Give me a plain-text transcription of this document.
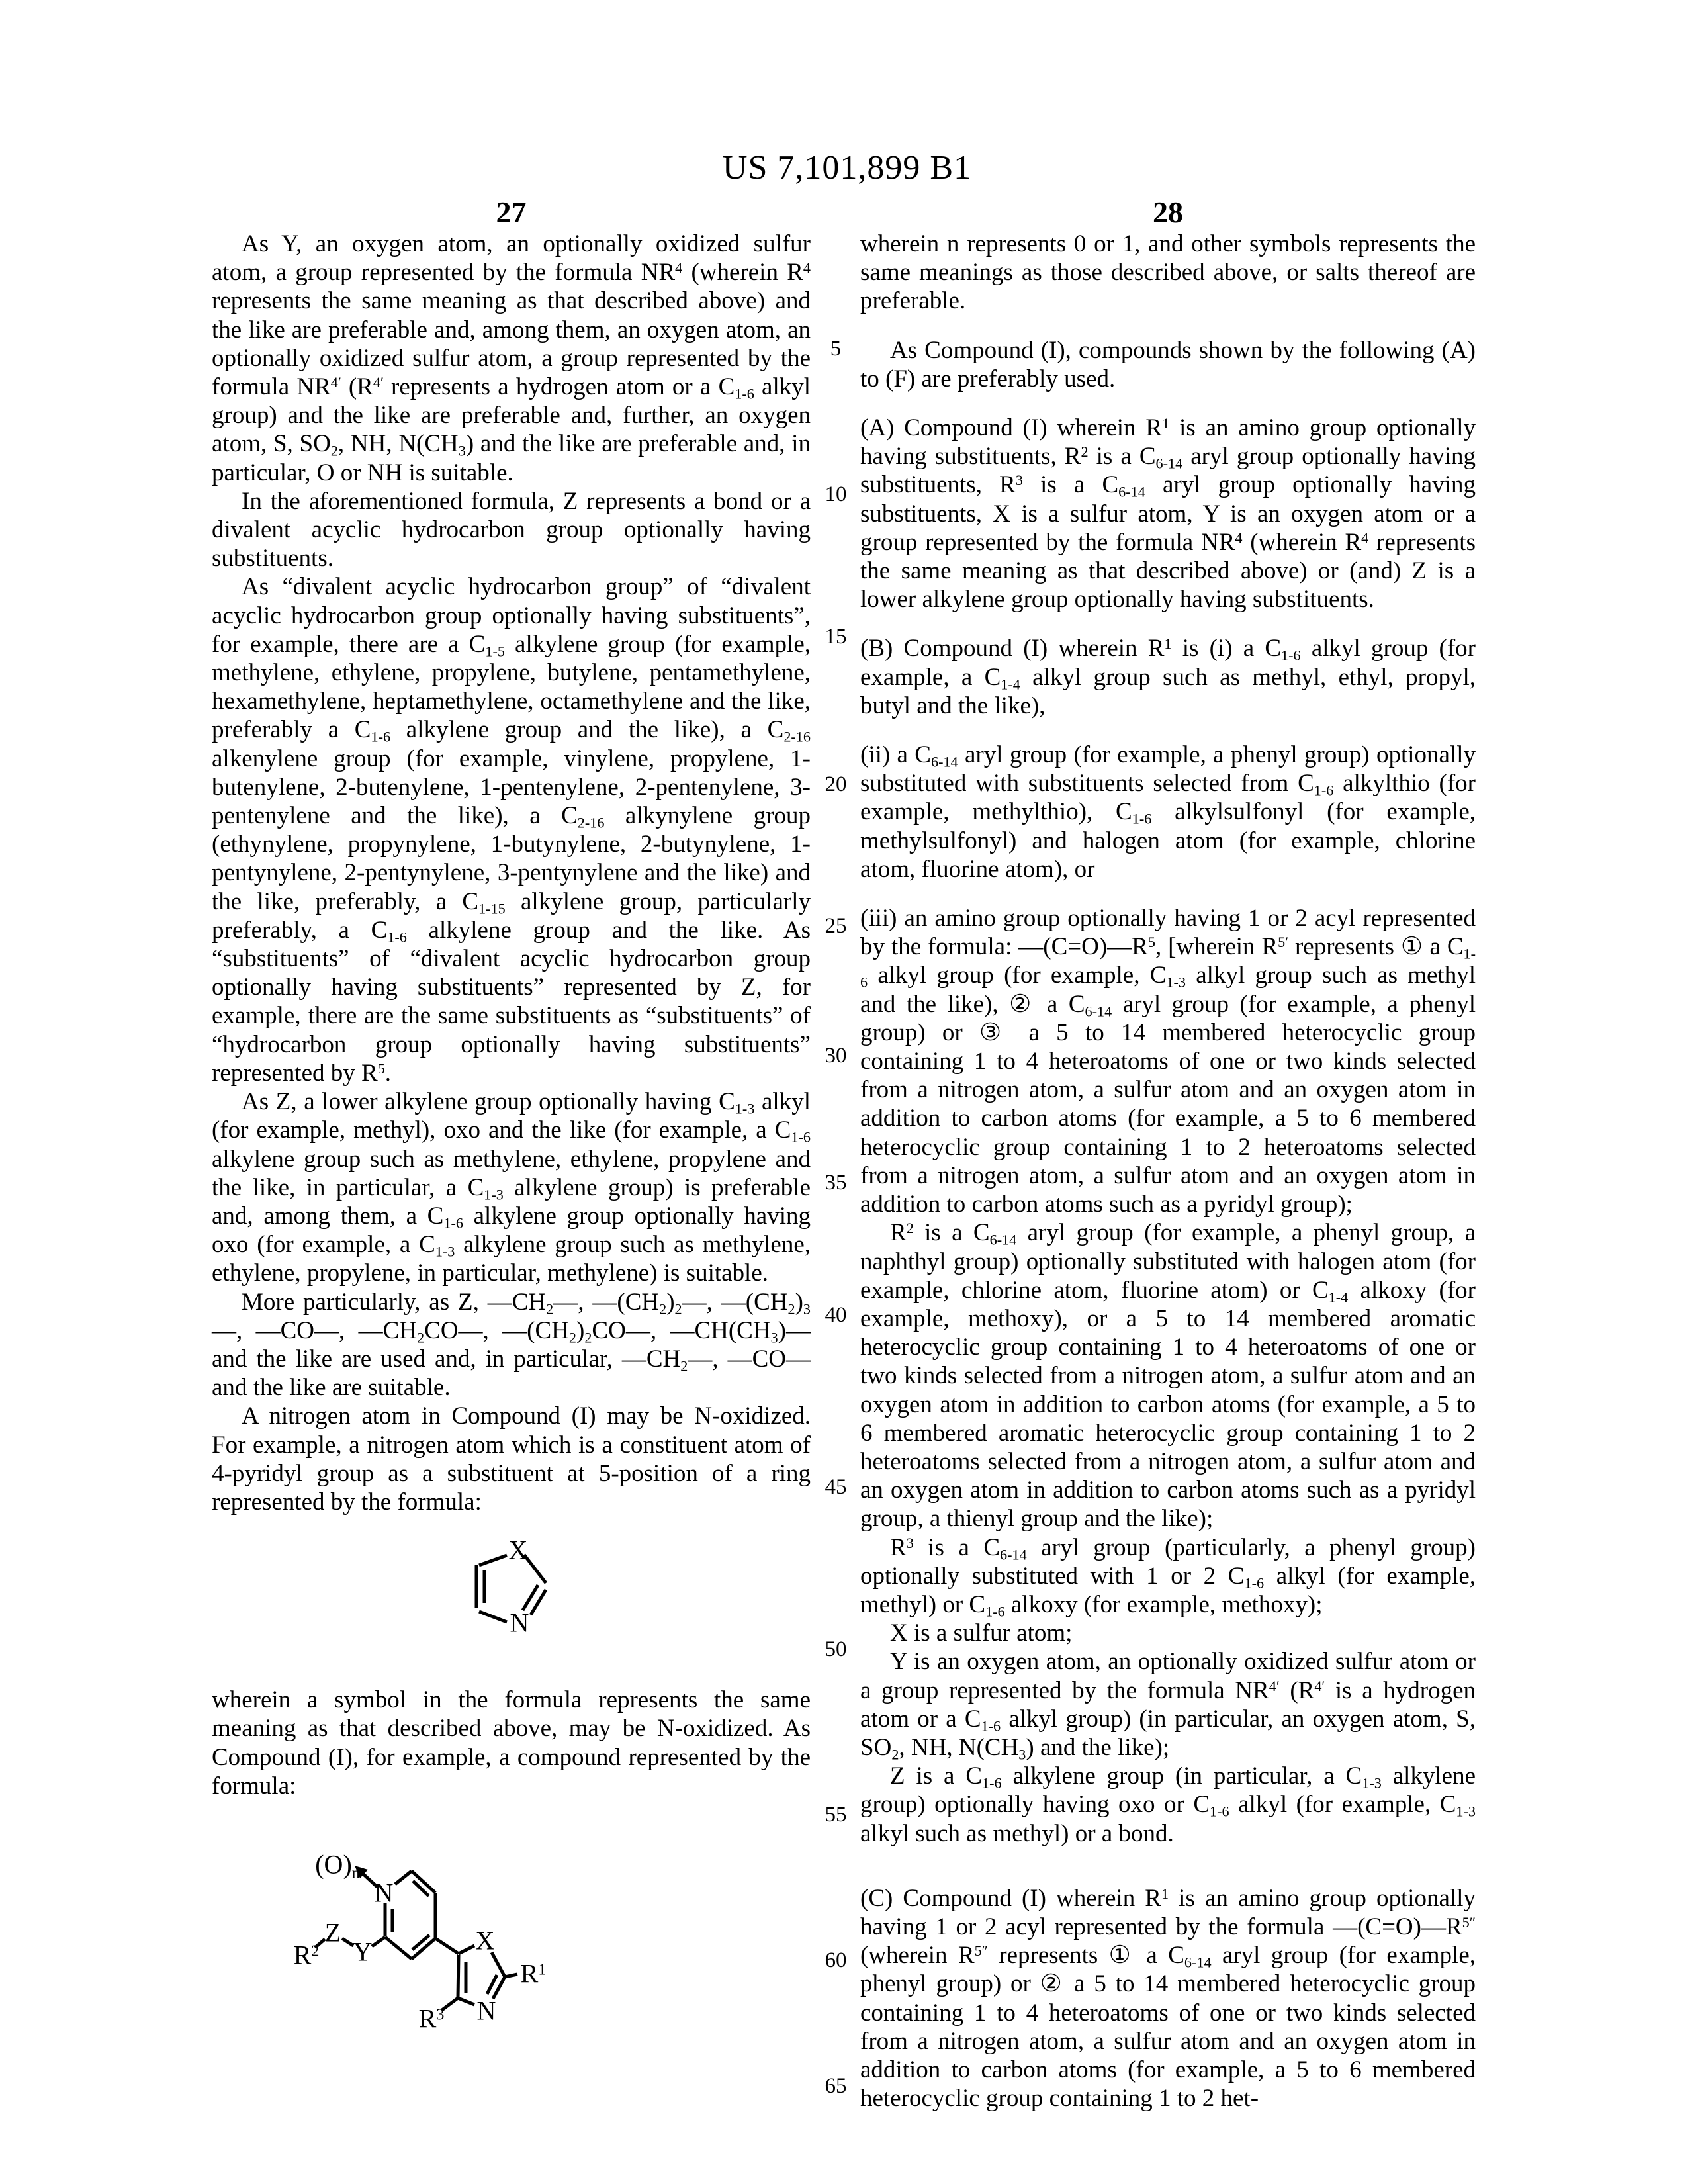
US 7,101,899 B1
27	28
5
10
15
20
25
30
35
40
45
50
55
60
65

As Y, an oxygen atom, an optionally oxidized sulfur atom, a group represented by the formula $NR^4$ (wherein $R^4$ represents the same meaning as that described above) and the like are preferable and, among them, an oxygen atom, an optionally oxidized sulfur atom, a group represented by the formula $NR^{4'}$ ($R^{4'}$ represents a hydrogen atom or a $C_{1-6}$ alkyl group) and the like are preferable and, further, an oxygen atom, S, $SO_2$, NH, $N(CH_3)$ and the like are preferable and, in particular, O or NH is suitable.

In the aforementioned formula, Z represents a bond or a divalent acyclic hydrocarbon group optionally having substituents.

As “divalent acyclic hydrocarbon group” of “divalent acyclic hydrocarbon group optionally having substituents”, for example, there are a $C_{1-5}$ alkylene group (for example, methylene, ethylene, propylene, butylene, pentamethylene, hexamethylene, heptamethylene, octamethylene and the like, preferably a $C_{1-6}$ alkylene group and the like), a $C_{2-16}$ alkenylene group (for example, vinylene, propylene, 1-butenylene, 2-butenylene, 1-pentenylene, 2-pentenylene, 3-pentenylene and the like), a $C_{2-16}$ alkynylene group (ethynylene, propynylene, 1-butynylene, 2-butynylene, 1-pentynylene, 2-pentynylene, 3-pentynylene and the like) and the like, preferably, a $C_{1-15}$ alkylene group, particularly preferably, a $C_{1-6}$ alkylene group and the like. As “substituents” of “divalent acyclic hydrocarbon group optionally having substituents” represented by Z, for example, there are the same substituents as “substituents” of “hydrocarbon group optionally having substituents” represented by $R^5$.

As Z, a lower alkylene group optionally having $C_{1-3}$ alkyl (for example, methyl), oxo and the like (for example, a $C_{1-6}$ alkylene group such as methylene, ethylene, propylene and the like, in particular, a $C_{1-3}$ alkylene group) is preferable and, among them, a $C_{1-6}$ alkylene group optionally having oxo (for example, a $C_{1-3}$ alkylene group such as methylene, ethylene, propylene, in particular, methylene) is suitable.

More particularly, as Z, $—CH_2—$, $—(CH_2)_2—$, $—(CH_2)_3—$, —CO—, $—CH_2CO—$, $—(CH_2)_2CO—$, $—CH(CH_3)—$ and the like are used and, in particular, $—CH_2—$, —CO— and the like are suitable.

A nitrogen atom in Compound (I) may be N-oxidized. For example, a nitrogen atom which is a constituent atom of 4-pyridyl group as a substituent at 5-position of a ring represented by the formula:

X
N

wherein a symbol in the formula represents the same meaning as that described above, may be N-oxidized. As Compound (I), for example, a compound represented by the formula:

$(O)_n$
N
Z
Y
$R^2$	X
$R^1$
N
$R^3$

wherein n represents 0 or 1, and other symbols represents the same meanings as those described above, or salts thereof are preferable.

As Compound (I), compounds shown by the following (A) to (F) are preferably used.

(A) Compound (I) wherein $R^1$ is an amino group optionally having substituents, $R^2$ is a $C_{6-14}$ aryl group optionally having substituents, $R^3$ is a $C_{6-14}$ aryl group optionally having substituents, X is a sulfur atom, Y is an oxygen atom or a group represented by the formula $NR^4$ (wherein $R^4$ represents the same meaning as that described above) or (and) Z is a lower alkylene group optionally having substituents.

(B) Compound (I) wherein $R^1$ is (i) a $C_{1-6}$ alkyl group (for example, a $C_{1-4}$ alkyl group such as methyl, ethyl, propyl, butyl and the like),

(ii) a $C_{6-14}$ aryl group (for example, a phenyl group) optionally substituted with substituents selected from $C_{1-6}$ alkylthio (for example, methylthio), $C_{1-6}$ alkylsulfonyl (for example, methylsulfonyl) and halogen atom (for example, chlorine atom, fluorine atom), or

(iii) an amino group optionally having 1 or 2 acyl represented by the formula: $—(C=O)—R^5$, [wherein $R^{5'}$ represents ① a $C_{1-6}$ alkyl group (for example, $C_{1-3}$ alkyl group such as methyl and the like), ② a $C_{6-14}$ aryl group (for example, a phenyl group) or ③ a 5 to 14 membered heterocyclic group containing 1 to 4 heteroatoms of one or two kinds selected from a nitrogen atom, a sulfur atom and an oxygen atom in addition to carbon atoms (for example, a 5 to 6 membered heterocyclic group containing 1 to 2 heteroatoms selected from a nitrogen atom, a sulfur atom and an oxygen atom in addition to carbon atoms such as a pyridyl group);

$R^2$ is a $C_{6-14}$ aryl group (for example, a phenyl group, a naphthyl group) optionally substituted with halogen atom (for example, chlorine atom, fluorine atom) or $C_{1-4}$ alkoxy (for example, methoxy), or a 5 to 14 membered aromatic heterocyclic group containing 1 to 4 heteroatoms of one or two kinds selected from a nitrogen atom, a sulfur atom and an oxygen atom in addition to carbon atoms (for example, a 5 to 6 membered aromatic heterocyclic group containing 1 to 2 heteroatoms selected from a nitrogen atom, a sulfur atom and an oxygen atom in addition to carbon atoms such as a pyridyl group, a thienyl group and the like);

$R^3$ is a $C_{6-14}$ aryl group (particularly, a phenyl group) optionally substituted with 1 or 2 $C_{1-6}$ alkyl (for example, methyl) or $C_{1-6}$ alkoxy (for example, methoxy);

X is a sulfur atom;

Y is an oxygen atom, an optionally oxidized sulfur atom or a group represented by the formula $NR^{4'}$ ($R^{4'}$ is a hydrogen atom or a $C_{1-6}$ alkyl group) (in particular, an oxygen atom, S, $SO_2$, NH, $N(CH_3)$ and the like);

Z is a $C_{1-6}$ alkylene group (in particular, a $C_{1-3}$ alkylene group) optionally having oxo or $C_{1-6}$ alkyl (for example, $C_{1-3}$ alkyl such as methyl) or a bond.

(C) Compound (I) wherein $R^1$ is an amino group optionally having 1 or 2 acyl represented by the formula $—(C=O)—R^{5''}$ (wherein $R^{5''}$ represents ① a $C_{6-14}$ aryl group (for example, phenyl group) or ② a 5 to 14 membered heterocyclic group containing 1 to 4 heteroatoms of one or two kinds selected from a nitrogen atom, a sulfur atom and an oxygen atom in addition to carbon atoms (for example, a 5 to 6 membered heterocyclic group containing 1 to 2 het-
